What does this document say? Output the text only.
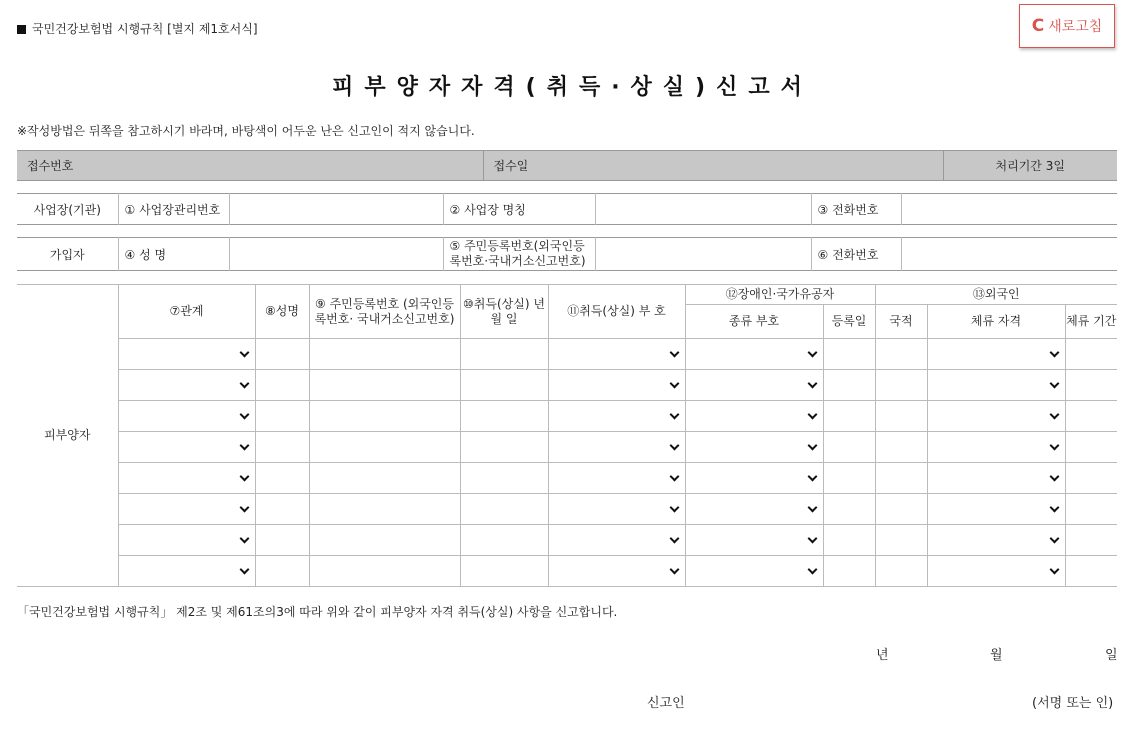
국민건강보험법 시행규칙 [별지 제1호서식]	C 새로고침
피부양자자격(취득·상실)신고서
※작성방법은 뒤쪽을 참고하시기 바라며, 바탕색이 어두운 난은 신고인이 적지 않습니다.
접수번호	접수일	처리기간 3일
사업장(기관)	① 사업장관리번호		② 사업장 명칭		③ 전화번호	
가입자	④ 성 명		⑤ 주민등록번호(외국인등록번호·국내거소신고번호)		⑥ 전화번호	
피부양자	⑦관계	⑧성명	⑨ 주민등록번호 (외국인등록번호· 국내거소신고번호)	⑩취득(상실) 년 월 일	⑪취득(상실) 부 호	⑫장애인·국가유공자		⑬외국인		
						종류 부호	등록일	국적	체류 자격	체류 기간

「국민건강보험법 시행규칙」 제2조 및 제61조의3에 따라 위와 같이 피부양자 자격 취득(상실) 사항을 신고합니다.
년	월	일
신고인	(서명 또는 인)
